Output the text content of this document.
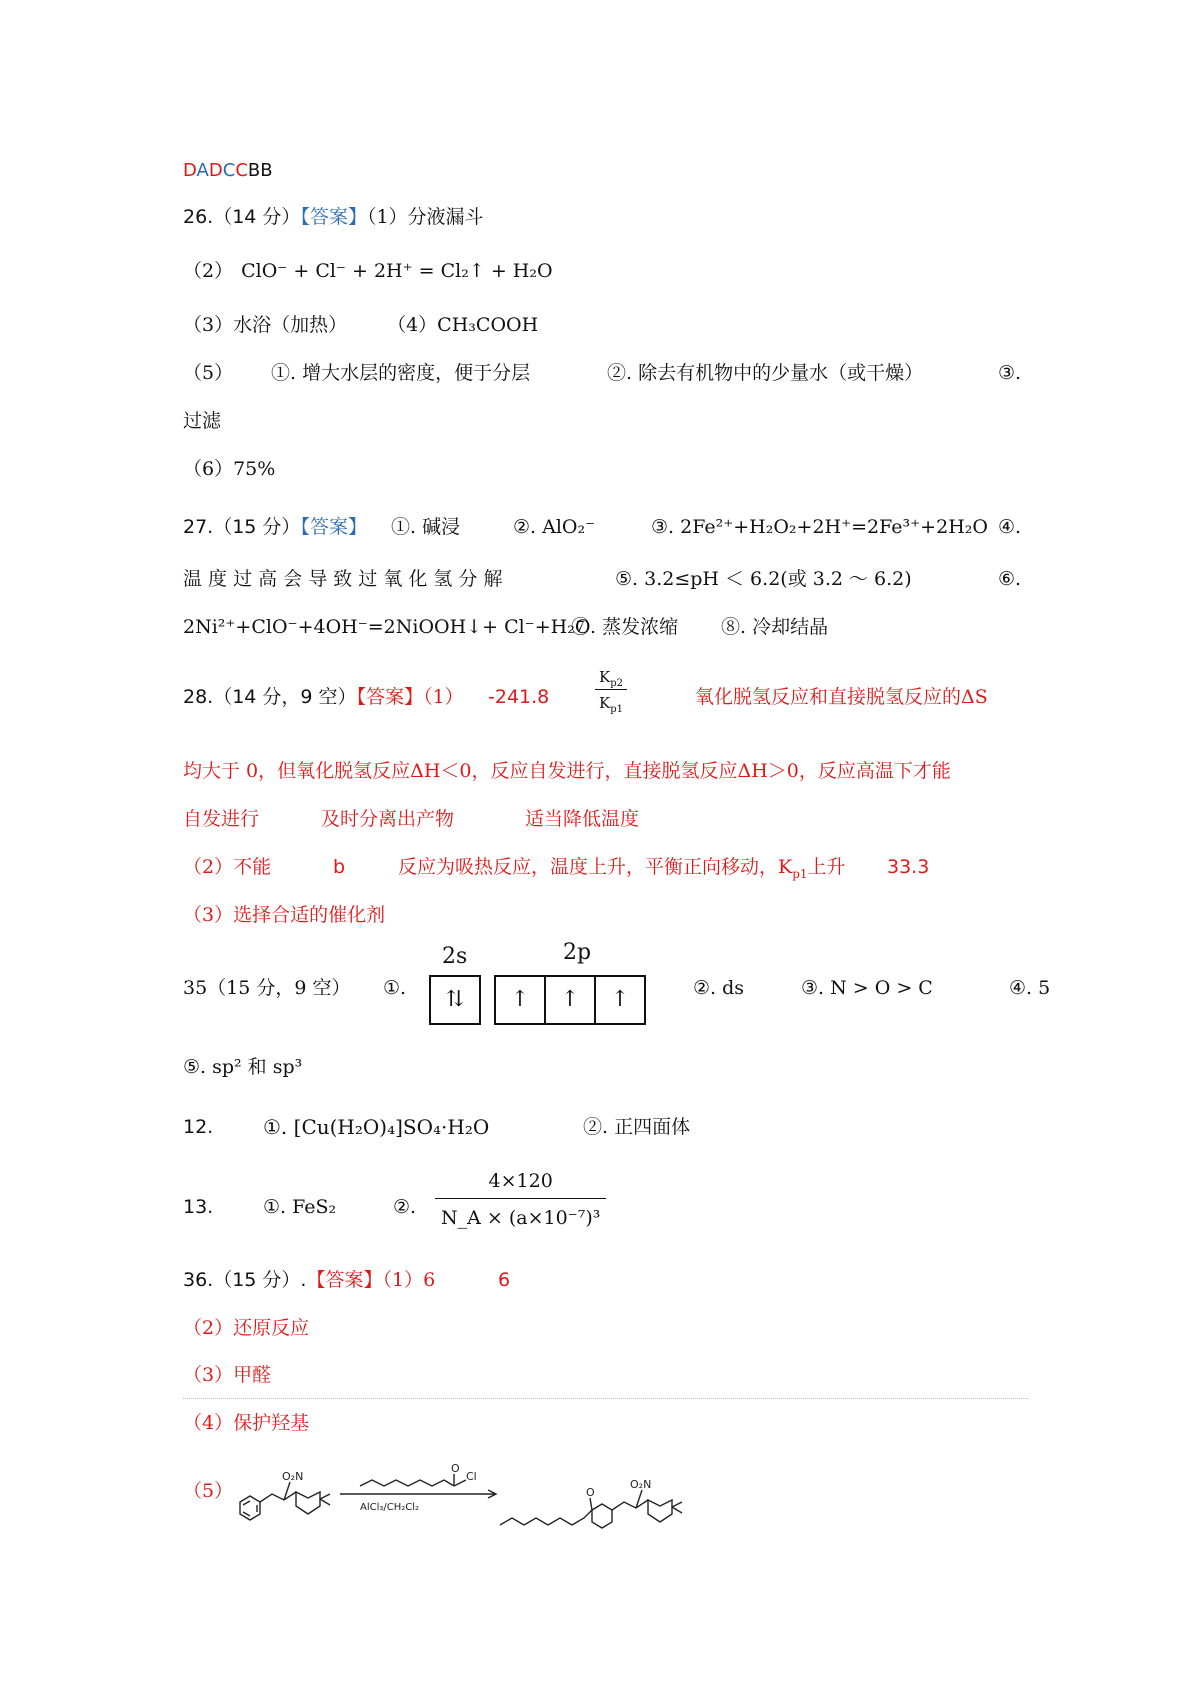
DADCCBB
26.（14 分）【答案】（1）分液漏斗
（2） ClO⁻ + Cl⁻ + 2H⁺ = Cl₂↑ + H₂O
（3）水浴（加热） （4）CH₃COOH
（5） ①. 增大水层的密度，便于分层	②. 除去有机物中的少量水（或干燥）	③.
过滤
（6）75%
27.（15 分）【答案】 ①. 碱浸	②. AlO₂⁻	③. 2Fe²⁺+H₂O₂+2H⁺=2Fe³⁺+2H₂O ④.
温 度 过 高 会 导 致 过 氧 化 氢 分 解	⑤. 3.2≤pH ＜ 6.2(或 3.2 ～ 6.2)	⑥.
2Ni²⁺+ClO⁻+4OH⁻=2NiOOH↓+ Cl⁻+H₂O
⑦. 蒸发浓缩 ⑧. 冷却结晶
28.（14 分，9 空）【答案】（1） -241.8
$K_{p2}$
$K_{p1}$
氧化脱氢反应和直接脱氢反应的ΔS
均大于 0，但氧化脱氢反应ΔH＜0，反应自发进行，直接脱氢反应ΔH＞0，反应高温下才能
自发进行	及时分离出产物	适当降低温度
（2）不能	b	反应为吸热反应，温度上升，平衡正向移动，$K_{p1}$上升 33.3
（3）选择合适的催化剂
35（15 分，9 空） ①.	②. ds	③. N > O > C	④. 5
2s	2p
⇅	↑	↑	↑
⑤. sp² 和 sp³
12. ①. [Cu(H₂O)₄]SO₄·H₂O	②. 正四面体
13.	①. FeS₂	②. $\frac{4\times 120}{\text{N\_A × (a×10⁻⁷)³}}$
36.（15 分）.【答案】（1）6	6
（2）还原反应
（3）甲醛
（4）保护羟基
（5）
O₂N	Cl
O
AlCl₃/CH₂Cl₂
O
O₂N
